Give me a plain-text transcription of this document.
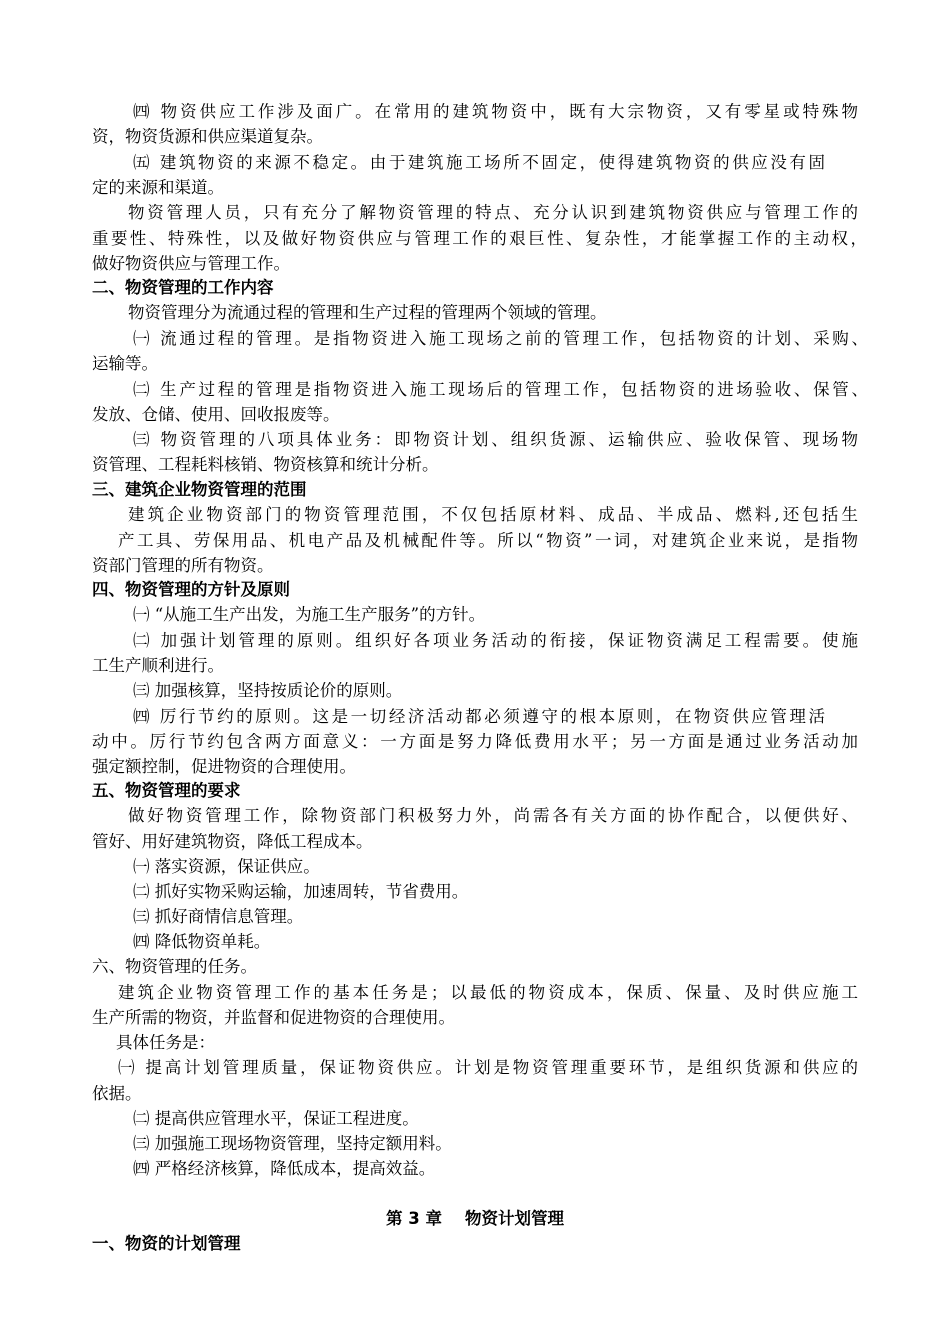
㈣ 物资供应工作涉及面广。在常用的建筑物资中，既有大宗物资，又有零星或特殊物
资，物资货源和供应渠道复杂。
㈤ 建筑物资的来源不稳定。由于建筑施工场所不固定，使得建筑物资的供应没有固
定的来源和渠道。
物资管理人员，只有充分了解物资管理的特点、充分认识到建筑物资供应与管理工作的
重要性、特殊性，以及做好物资供应与管理工作的艰巨性、复杂性，才能掌握工作的主动权，
做好物资供应与管理工作。
二、物资管理的工作内容
物资管理分为流通过程的管理和生产过程的管理两个领域的管理。
㈠ 流通过程的管理。是指物资进入施工现场之前的管理工作，包括物资的计划、采购、
运输等。
㈡ 生产过程的管理是指物资进入施工现场后的管理工作，包括物资的进场验收、保管、
发放、仓储、使用、回收报废等。
㈢ 物资管理的八项具体业务：即物资计划、组织货源、运输供应、验收保管、现场物
资管理、工程耗料核销、物资核算和统计分析。
三、建筑企业物资管理的范围
建筑企业物资部门的物资管理范围，不仅包括原材料、成品、半成品、燃料,还包括生
产工具、劳保用品、机电产品及机械配件等。所以“物资”一词，对建筑企业来说，是指物
资部门管理的所有物资。
四、物资管理的方针及原则
㈠ “从施工生产出发，为施工生产服务”的方针。
㈡ 加强计划管理的原则。组织好各项业务活动的衔接，保证物资满足工程需要。使施
工生产顺利进行。
㈢ 加强核算，坚持按质论价的原则。
㈣ 厉行节约的原则。这是一切经济活动都必须遵守的根本原则，在物资供应管理活
动中。厉行节约包含两方面意义：一方面是努力降低费用水平；另一方面是通过业务活动加
强定额控制，促进物资的合理使用。
五、物资管理的要求
做好物资管理工作，除物资部门积极努力外，尚需各有关方面的协作配合，以便供好、
管好、用好建筑物资，降低工程成本。
㈠ 落实资源，保证供应。
㈡ 抓好实物采购运输，加速周转，节省费用。
㈢ 抓好商情信息管理。
㈣ 降低物资单耗。
六、物资管理的任务。
建筑企业物资管理工作的基本任务是；以最低的物资成本，保质、保量、及时供应施工
生产所需的物资，并监督和促进物资的合理使用。
具体任务是：
㈠ 提高计划管理质量，保证物资供应。计划是物资管理重要环节，是组织货源和供应的
依据。
㈡ 提高供应管理水平，保证工程进度。
㈢ 加强施工现场物资管理，坚持定额用料。
㈣ 严格经济核算，降低成本，提高效益。
第 3 章    物资计划管理
一、物资的计划管理
